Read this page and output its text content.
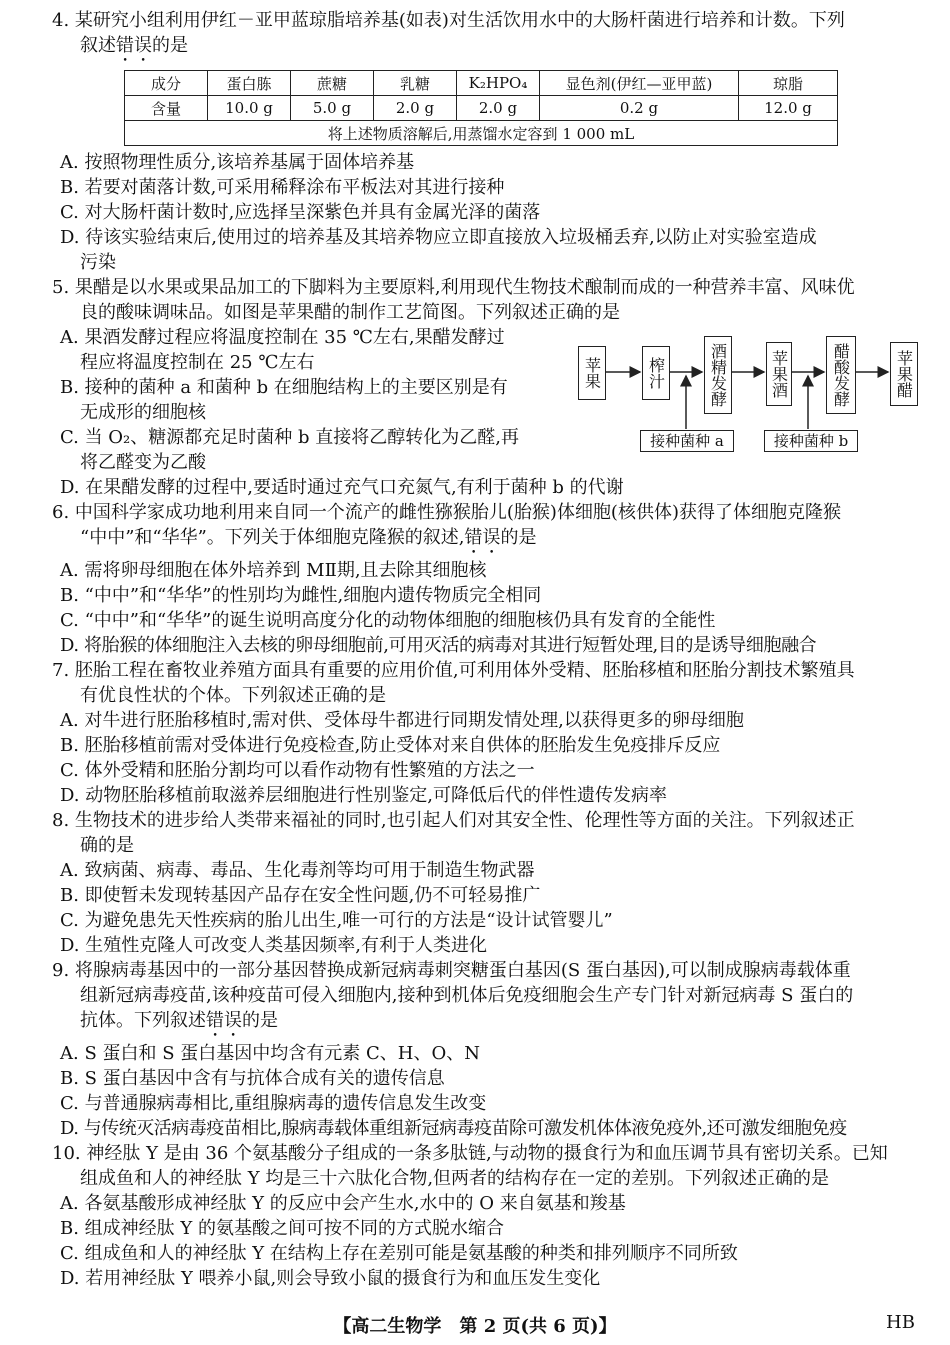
4. 某研究小组利用伊红－亚甲蓝琼脂培养基(如表)对生活饮用水中的大肠杆菌进行培养和计数。下列
叙述错误的是
成分	蛋白胨	蔗糖	乳糖	K₂HPO₄	显色剂(伊红—亚甲蓝)	琼脂
含量	10.0 g	5.0 g	2.0 g	2.0 g	0.2 g	12.0 g
将上述物质溶解后,用蒸馏水定容到 1 000 mL						
A. 按照物理性质分,该培养基属于固体培养基
B. 若要对菌落计数,可采用稀释涂布平板法对其进行接种
C. 对大肠杆菌计数时,应选择呈深紫色并具有金属光泽的菌落
D. 待该实验结束后,使用过的培养基及其培养物应立即直接放入垃圾桶丢弃,以防止对实验室造成
污染
5. 果醋是以水果或果品加工的下脚料为主要原料,利用现代生物技术酿制而成的一种营养丰富、风味优
良的酸味调味品。如图是苹果醋的制作工艺简图。下列叙述正确的是
A. 果酒发酵过程应将温度控制在 35 ℃左右,果醋发酵过
程应将温度控制在 25 ℃左右
B. 接种的菌种 a 和菌种 b 在细胞结构上的主要区别是有
无成形的细胞核
C. 当 O₂、糖源都充足时菌种 b 直接将乙醇转化为乙醛,再
将乙醛变为乙酸
D. 在果醋发酵的过程中,要适时通过充气口充氮气,有利于菌种 b 的代谢
6. 中国科学家成功地利用来自同一个流产的雌性猕猴胎儿(胎猴)体细胞(核供体)获得了体细胞克隆猴
“中中”和“华华”。下列关于体细胞克隆猴的叙述,错误的是
A. 需将卵母细胞在体外培养到 MⅡ期,且去除其细胞核
B. “中中”和“华华”的性别均为雌性,细胞内遗传物质完全相同
C. “中中”和“华华”的诞生说明高度分化的动物体细胞的细胞核仍具有发育的全能性
D. 将胎猴的体细胞注入去核的卵母细胞前,可用灭活的病毒对其进行短暂处理,目的是诱导细胞融合
7. 胚胎工程在畜牧业养殖方面具有重要的应用价值,可利用体外受精、胚胎移植和胚胎分割技术繁殖具
有优良性状的个体。下列叙述正确的是
A. 对牛进行胚胎移植时,需对供、受体母牛都进行同期发情处理,以获得更多的卵母细胞
B. 胚胎移植前需对受体进行免疫检查,防止受体对来自供体的胚胎发生免疫排斥反应
C. 体外受精和胚胎分割均可以看作动物有性繁殖的方法之一
D. 动物胚胎移植前取滋养层细胞进行性别鉴定,可降低后代的伴性遗传发病率
8. 生物技术的进步给人类带来福祉的同时,也引起人们对其安全性、伦理性等方面的关注。下列叙述正
确的是
A. 致病菌、病毒、毒品、生化毒剂等均可用于制造生物武器
B. 即使暂未发现转基因产品存在安全性问题,仍不可轻易推广
C. 为避免患先天性疾病的胎儿出生,唯一可行的方法是“设计试管婴儿”
D. 生殖性克隆人可改变人类基因频率,有利于人类进化
9. 将腺病毒基因中的一部分基因替换成新冠病毒刺突糖蛋白基因(S 蛋白基因),可以制成腺病毒载体重
组新冠病毒疫苗,该种疫苗可侵入细胞内,接种到机体后免疫细胞会生产专门针对新冠病毒 S 蛋白的
抗体。下列叙述错误的是
A. S 蛋白和 S 蛋白基因中均含有元素 C、H、O、N
B. S 蛋白基因中含有与抗体合成有关的遗传信息
C. 与普通腺病毒相比,重组腺病毒的遗传信息发生改变
D. 与传统灭活病毒疫苗相比,腺病毒载体重组新冠病毒疫苗除可激发机体体液免疫外,还可激发细胞免疫
10. 神经肽 Y 是由 36 个氨基酸分子组成的一条多肽链,与动物的摄食行为和血压调节具有密切关系。已知
组成鱼和人的神经肽 Y 均是三十六肽化合物,但两者的结构存在一定的差别。下列叙述正确的是
A. 各氨基酸形成神经肽 Y 的反应中会产生水,水中的 O 来自氨基和羧基
B. 组成神经肽 Y 的氨基酸之间可按不同的方式脱水缩合
C. 组成鱼和人的神经肽 Y 在结构上存在差别可能是氨基酸的种类和排列顺序不同所致
D. 若用神经肽 Y 喂养小鼠,则会导致小鼠的摄食行为和血压发生变化
苹果	榨汁	酒精发酵	苹果酒	醋酸发酵	苹果醋
接种菌种 a	接种菌种 b
【高二生物学　第 2 页(共 6 页)】	HB
